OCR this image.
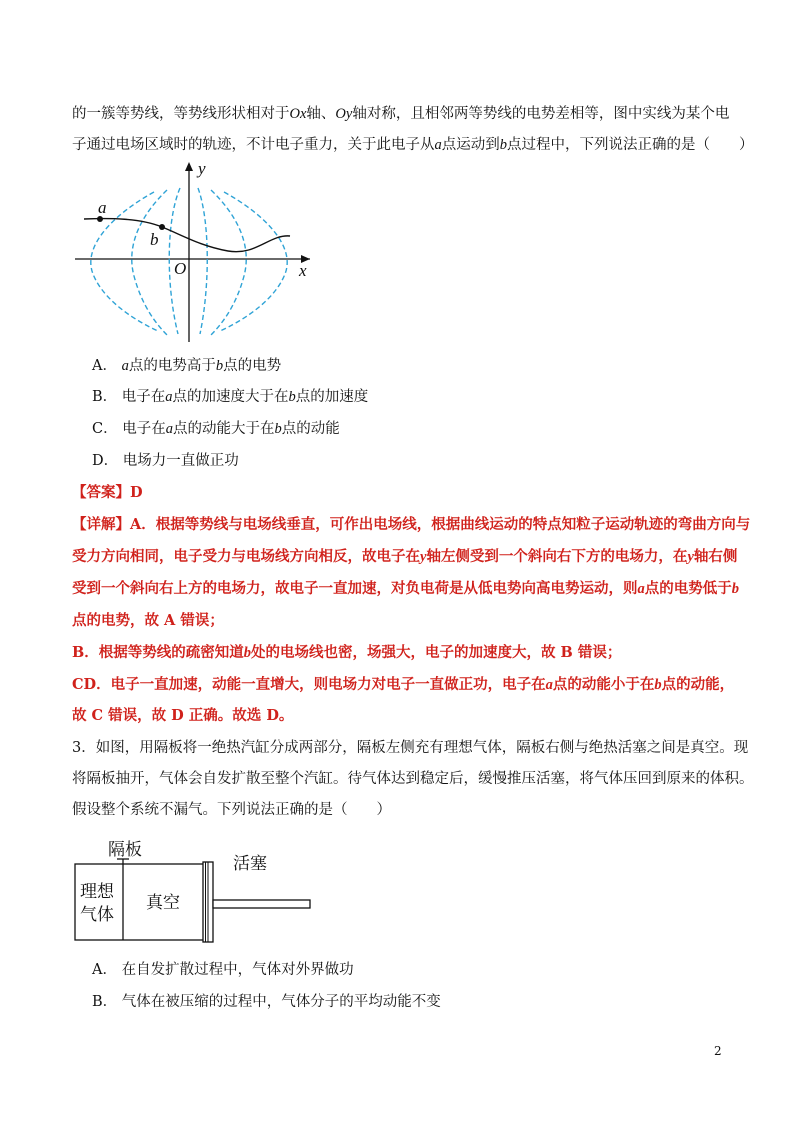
的一簇等势线，等势线形状相对于Ox轴、Oy轴对称，且相邻两等势线的电势差相等，图中实线为某个电
子通过电场区域时的轨迹，不计电子重力，关于此电子从a点运动到b点过程中，下列说法正确的是（　　）
a
b
O	x
y
A． a点的电势高于b点的电势
B． 电子在a点的加速度大于在b点的加速度
C． 电子在a点的动能大于在b点的动能
D． 电场力一直做正功
【答案】D
【详解】A．根据等势线与电场线垂直，可作出电场线，根据曲线运动的特点知粒子运动轨迹的弯曲方向与
受力方向相同，电子受力与电场线方向相反，故电子在y轴左侧受到一个斜向右下方的电场力，在y轴右侧
受到一个斜向右上方的电场力，故电子一直加速，对负电荷是从低电势向高电势运动，则a点的电势低于b
点的电势，故 A 错误；
B．根据等势线的疏密知道b处的电场线也密，场强大，电子的加速度大，故 B 错误；
CD．电子一直加速，动能一直增大，则电场力对电子一直做正功，电子在a点的动能小于在b点的动能，
故 C 错误，故 D 正确。故选 D。
3．如图，用隔板将一绝热汽缸分成两部分，隔板左侧充有理想气体，隔板右侧与绝热活塞之间是真空。现
将隔板抽开，气体会自发扩散至整个汽缸。待气体达到稳定后，缓慢推压活塞，将气体压回到原来的体积。
假设整个系统不漏气。下列说法正确的是（　　）
隔板
活塞
理想
气体
真空
A． 在自发扩散过程中，气体对外界做功
B． 气体在被压缩的过程中，气体分子的平均动能不变
2
